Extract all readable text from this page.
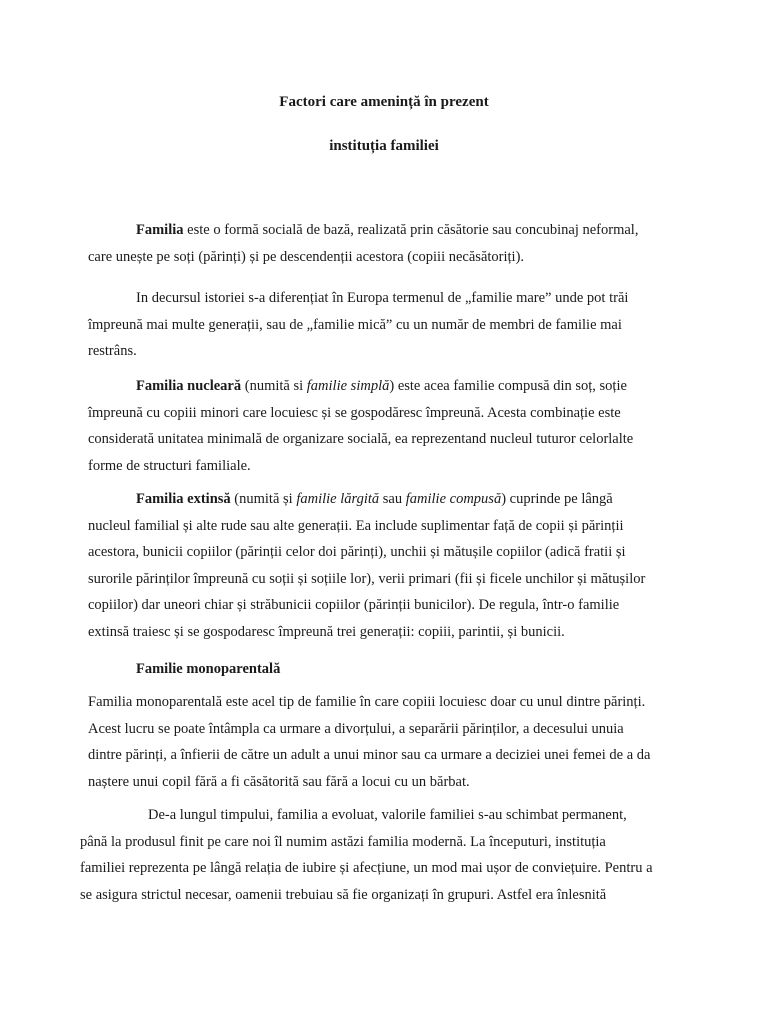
Factori care amenință în prezent
instituția familiei
Familia este o formă socială de bază, realizată prin căsătorie sau concubinaj neformal,
care unește pe soți (părinți) și pe descendenții acestora (copiii necăsătoriți).
In decursul istoriei s-a diferențiat în Europa termenul de „familie mare” unde pot trăi
împreună mai multe generații, sau de „familie mică” cu un număr de membri de familie mai
restrâns.
Familia nucleară (numită si familie simplă) este acea familie compusă din soț, soție
împreună cu copiii minori care locuiesc și se gospodăresc împreună. Acesta combinație este
considerată unitatea minimală de organizare socială, ea reprezentand nucleul tuturor celorlalte
forme de structuri familiale.
Familia extinsă (numită și familie lărgită sau familie compusă) cuprinde pe lângă
nucleul familial și alte rude sau alte generații. Ea include suplimentar față de copii și părinții
acestora, bunicii copiilor (părinții celor doi părinți), unchii și mătușile copiilor (adică fratii și
surorile părinților împreună cu soții și soțiile lor), verii primari (fii și ficele unchilor și mătușilor
copiilor) dar uneori chiar și străbunicii copiilor (părinții bunicilor). De regula, într-o familie
extinsă traiesc și se gospodaresc împreună trei generații: copiii, parintii, și bunicii.
Familie monoparentală
Familia monoparentală este acel tip de familie în care copiii locuiesc doar cu unul dintre părinți.
Acest lucru se poate întâmpla ca urmare a divorțului, a separării părinților, a decesului unuia
dintre părinți, a înfierii de către un adult a unui minor sau ca urmare a deciziei unei femei de a da
naștere unui copil fără a fi căsătorită sau fără a locui cu un bărbat.
De-a lungul timpului, familia a evoluat, valorile familiei s-au schimbat permanent,
până la produsul finit pe care noi îl numim astăzi familia modernă. La începuturi, instituția
familiei reprezenta pe lângă relația de iubire și afecțiune, un mod mai ușor de conviețuire. Pentru a
se asigura strictul necesar, oamenii trebuiau să fie organizați în grupuri. Astfel era înlesnită
